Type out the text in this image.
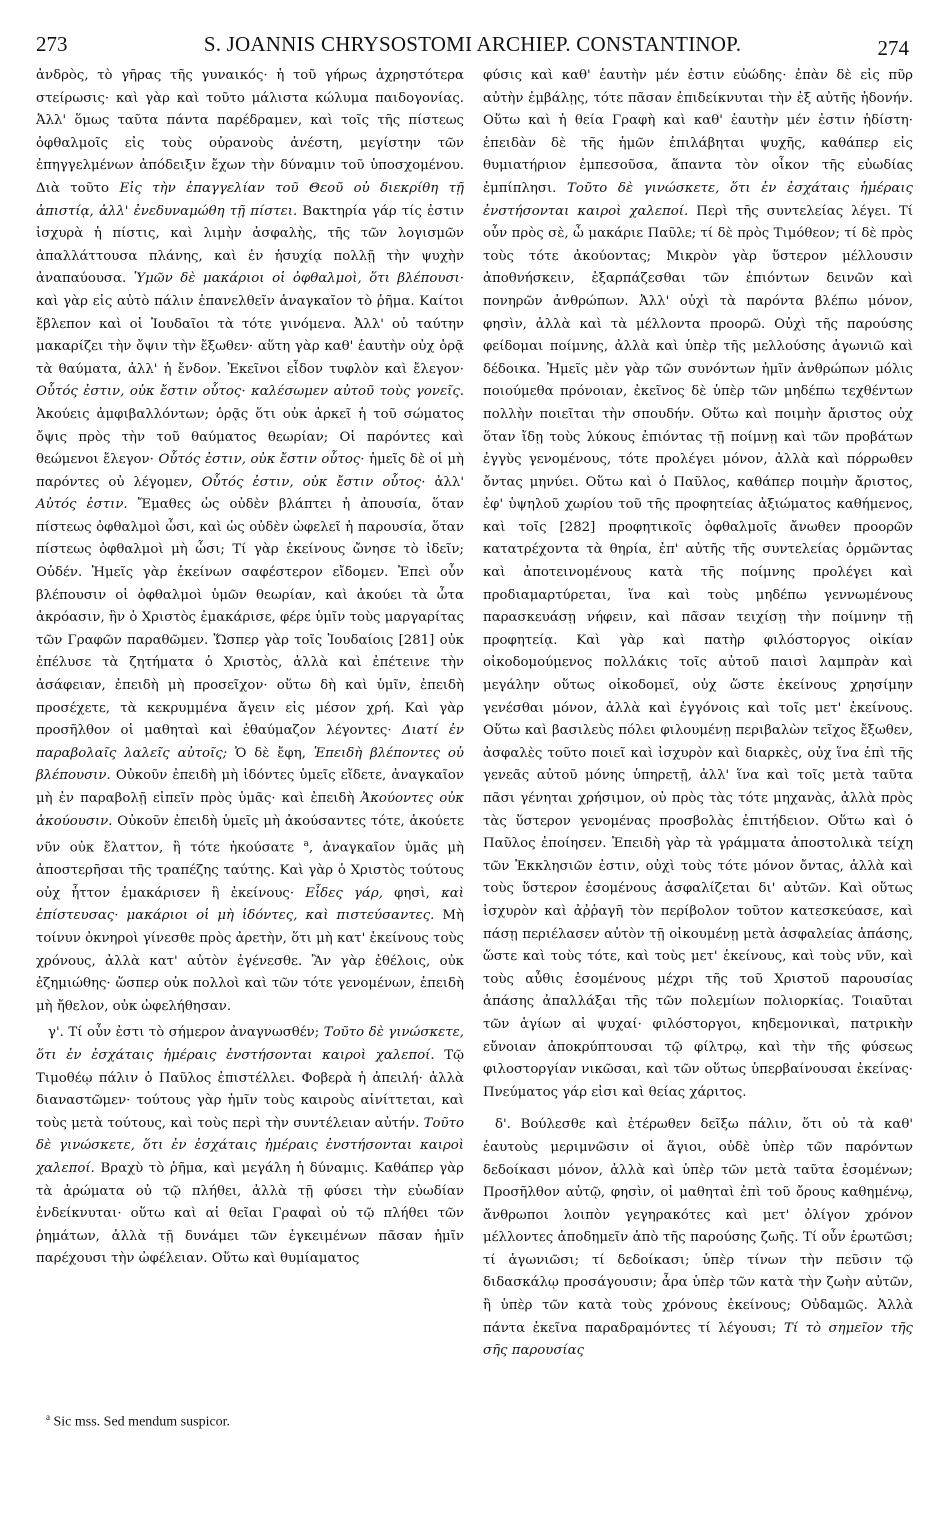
273	S. JOANNIS CHRYSOSTOMI ARCHIEP. CONSTANTINOP.	274

ἀνδρὸς, τὸ γῆρας τῆς γυναικός· ἡ τοῦ γήρως ἀχρηστότερα στείρωσις· καὶ γὰρ καὶ τοῦτο μάλιστα κώλυμα παιδογονίας. Ἀλλ' ὅμως ταῦτα πάντα παρέδραμεν, καὶ τοῖς τῆς πίστεως ὀφθαλμοῖς εἰς τοὺς οὐρανοὺς ἀνέστη, μεγίστην τῶν ἐπηγγελμένων ἀπόδειξιν ἔχων τὴν δύναμιν τοῦ ὑποσχομένου. Διὰ τοῦτο Εἰς τὴν ἐπαγγελίαν τοῦ Θεοῦ οὐ διεκρίθη τῇ ἀπιστίᾳ, ἀλλ' ἐνεδυναμώθη τῇ πίστει. Βακτηρία γάρ τίς ἐστιν ἰσχυρὰ ἡ πίστις, καὶ λιμὴν ἀσφαλὴς, τῆς τῶν λογισμῶν ἀπαλλάττουσα πλάνης, καὶ ἐν ἡσυχίᾳ πολλῇ τὴν ψυχὴν ἀναπαύουσα. Ὑμῶν δὲ μακάριοι οἱ ὀφθαλμοὶ, ὅτι βλέπουσι· καὶ γὰρ εἰς αὐτὸ πάλιν ἐπανελθεῖν ἀναγκαῖον τὸ ῥῆμα. Καίτοι ἔβλεπον καὶ οἱ Ἰουδαῖοι τὰ τότε γινόμενα. Ἀλλ' οὐ ταύτην μακαρίζει τὴν ὄψιν τὴν ἔξωθεν· αὕτη γὰρ καθ' ἑαυτὴν οὐχ ὁρᾷ τὰ θαύματα, ἀλλ' ἡ ἔνδον. Ἐκεῖνοι εἶδον τυφλὸν καὶ ἔλεγον· Οὗτός ἐστιν, οὐκ ἔστιν οὗτος· καλέσωμεν αὐτοῦ τοὺς γονεῖς. Ἀκούεις ἀμφιβαλλόντων; ὁρᾷς ὅτι οὐκ ἀρκεῖ ἡ τοῦ σώματος ὄψις πρὸς τὴν τοῦ θαύματος θεωρίαν; Οἱ παρόντες καὶ θεώμενοι ἔλεγον· Οὗτός ἐστιν, οὐκ ἔστιν οὗτος· ἡμεῖς δὲ οἱ μὴ παρόντες οὐ λέγομεν, Οὗτός ἐστιν, οὐκ ἔστιν οὗτος· ἀλλ' Αὐτός ἐστιν. Ἔμαθες ὡς οὐδὲν βλάπτει ἡ ἀπουσία, ὅταν πίστεως ὀφθαλμοὶ ὦσι, καὶ ὡς οὐδὲν ὠφελεῖ ἡ παρουσία, ὅταν πίστεως ὀφθαλμοὶ μὴ ὦσι; Τί γὰρ ἐκείνους ὤνησε τὸ ἰδεῖν; Οὐδέν. Ἡμεῖς γὰρ ἐκείνων σαφέστερον εἴδομεν. Ἐπεὶ οὖν βλέπουσιν οἱ ὀφθαλμοὶ ὑμῶν θεωρίαν, καὶ ἀκούει τὰ ὦτα ἀκρόασιν, ἣν ὁ Χριστὸς ἐμακάρισε, φέρε ὑμῖν τοὺς μαργαρίτας τῶν Γραφῶν παραθῶμεν. Ὥσπερ γὰρ τοῖς Ἰουδαίοις [281] οὐκ ἐπέλυσε τὰ ζητήματα ὁ Χριστὸς, ἀλλὰ καὶ ἐπέτεινε τὴν ἀσάφειαν, ἐπειδὴ μὴ προσεῖχον· οὕτω δὴ καὶ ὑμῖν, ἐπειδὴ προσέχετε, τὰ κεκρυμμένα ἄγειν εἰς μέσον χρή. Καὶ γὰρ προσῆλθον οἱ μαθηταὶ καὶ ἐθαύμαζον λέγοντες· Διατί ἐν παραβολαῖς λαλεῖς αὐτοῖς; Ὁ δὲ ἔφη, Ἐπειδὴ βλέποντες οὐ βλέπουσιν. Οὐκοῦν ἐπειδὴ μὴ ἰδόντες ὑμεῖς εἴδετε, ἀναγκαῖον μὴ ἐν παραβολῇ εἰπεῖν πρὸς ὑμᾶς· καὶ ἐπειδὴ Ἀκούοντες οὐκ ἀκούουσιν. Οὐκοῦν ἐπειδὴ ὑμεῖς μὴ ἀκούσαντες τότε, ἀκούετε νῦν οὐκ ἔλαττον, ἢ τότε ἠκούσατε $^a$, ἀναγκαῖον ὑμᾶς μὴ ἀποστερῆσαι τῆς τραπέζης ταύτης. Καὶ γὰρ ὁ Χριστὸς τούτους οὐχ ἧττον ἐμακάρισεν ἢ ἐκείνους· Εἶδες γάρ, φησὶ, καὶ ἐπίστευσας· μακάριοι οἱ μὴ ἰδόντες, καὶ πιστεύσαντες. Μὴ τοίνυν ὀκνηροὶ γίνεσθε πρὸς ἀρετὴν, ὅτι μὴ κατ' ἐκείνους τοὺς χρόνους, ἀλλὰ κατ' αὐτὸν ἐγένεσθε. Ἂν γὰρ ἐθέλοις, οὐκ ἐζημιώθης· ὥσπερ οὐκ πολλοὶ καὶ τῶν τότε γενομένων, ἐπειδὴ μὴ ἤθελον, οὐκ ὠφελήθησαν.

γ'. Τί οὖν ἐστι τὸ σήμερον ἀναγνωσθέν; Τοῦτο δὲ γινώσκετε, ὅτι ἐν ἐσχάταις ἡμέραις ἐνστήσονται καιροὶ χαλεποί. Τῷ Τιμοθέῳ πάλιν ὁ Παῦλος ἐπιστέλλει. Φοβερὰ ἡ ἀπειλή· ἀλλὰ διαναστῶμεν· τούτους γὰρ ἡμῖν τοὺς καιροὺς αἰνίττεται, καὶ τοὺς μετὰ τούτους, καὶ τοὺς περὶ τὴν συντέλειαν αὐτήν. Τοῦτο δὲ γινώσκετε, ὅτι ἐν ἐσχάταις ἡμέραις ἐνστήσονται καιροὶ χαλεποί. Βραχὺ τὸ ῥῆμα, καὶ μεγάλη ἡ δύναμις. Καθάπερ γὰρ τὰ ἀρώματα οὐ τῷ πλήθει, ἀλλὰ τῇ φύσει τὴν εὐωδίαν ἐνδείκνυται· οὕτω καὶ αἱ θεῖαι Γραφαὶ οὐ τῷ πλήθει τῶν ῥημάτων, ἀλλὰ τῇ δυνάμει τῶν ἐγκειμένων πᾶσαν ἡμῖν παρέχουσι τὴν ὠφέλειαν. Οὕτω καὶ θυμίαματος

φύσις καὶ καθ' ἑαυτὴν μέν ἐστιν εὐώδης· ἐπὰν δὲ εἰς πῦρ αὐτὴν ἐμβάλῃς, τότε πᾶσαν ἐπιδείκνυται τὴν ἐξ αὐτῆς ἡδονήν. Οὕτω καὶ ἡ θεία Γραφὴ καὶ καθ' ἑαυτὴν μέν ἐστιν ἡδίστη· ἐπειδὰν δὲ τῆς ἡμῶν ἐπιλάβηται ψυχῆς, καθάπερ εἰς θυμιατήριον ἐμπεσοῦσα, ἅπαντα τὸν οἶκον τῆς εὐωδίας ἐμπίπλησι. Τοῦτο δὲ γινώσκετε, ὅτι ἐν ἐσχάταις ἡμέραις ἐνστήσονται καιροὶ χαλεποί. Περὶ τῆς συντελείας λέγει. Τί οὖν πρὸς σὲ, ὦ μακάριε Παῦλε; τί δὲ πρὸς Τιμόθεον; τί δὲ πρὸς τοὺς τότε ἀκούοντας; Μικρὸν γὰρ ὕστερον μέλλουσιν ἀποθνήσκειν, ἐξαρπάζεσθαι τῶν ἐπιόντων δεινῶν καὶ πονηρῶν ἀνθρώπων. Ἀλλ' οὐχὶ τὰ παρόντα βλέπω μόνον, φησὶν, ἀλλὰ καὶ τὰ μέλλοντα προορῶ. Οὐχὶ τῆς παρούσης φείδομαι ποίμνης, ἀλλὰ καὶ ὑπὲρ τῆς μελλούσης ἀγωνιῶ καὶ δέδοικα. Ἡμεῖς μὲν γὰρ τῶν συνόντων ἡμῖν ἀνθρώπων μόλις ποιούμεθα πρόνοιαν, ἐκεῖνος δὲ ὑπὲρ τῶν μηδέπω τεχθέντων πολλὴν ποιεῖται τὴν σπουδήν. Οὕτω καὶ ποιμὴν ἄριστος οὐχ ὅταν ἴδῃ τοὺς λύκους ἐπιόντας τῇ ποίμνῃ καὶ τῶν προβάτων ἐγγὺς γενομένους, τότε προλέγει μόνον, ἀλλὰ καὶ πόρρωθεν ὄντας μηνύει. Οὕτω καὶ ὁ Παῦλος, καθάπερ ποιμὴν ἄριστος, ἐφ' ὑψηλοῦ χωρίου τοῦ τῆς προφητείας ἀξιώματος καθήμενος, καὶ τοῖς [282] προφητικοῖς ὀφθαλμοῖς ἄνωθεν προορῶν κατατρέχοντα τὰ θηρία, ἐπ' αὐτῆς τῆς συντελείας ὁρμῶντας καὶ ἀποτεινομένους κατὰ τῆς ποίμνης προλέγει καὶ προδιαμαρτύρεται, ἵνα καὶ τοὺς μηδέπω γεννωμένους παρασκευάσῃ νήφειν, καὶ πᾶσαν τειχίσῃ τὴν ποίμνην τῇ προφητείᾳ. Καὶ γὰρ καὶ πατὴρ φιλόστοργος οἰκίαν οἰκοδομούμενος πολλάκις τοῖς αὐτοῦ παισὶ λαμπρὰν καὶ μεγάλην οὕτως οἰκοδομεῖ, οὐχ ὥστε ἐκείνους χρησίμην γενέσθαι μόνον, ἀλλὰ καὶ ἐγγόνοις καὶ τοῖς μετ' ἐκείνους. Οὕτω καὶ βασιλεὺς πόλει φιλουμένῃ περιβαλὼν τεῖχος ἔξωθεν, ἀσφαλὲς τοῦτο ποιεῖ καὶ ἰσχυρὸν καὶ διαρκὲς, οὐχ ἵνα ἐπὶ τῆς γενεᾶς αὐτοῦ μόνης ὑπηρετῇ, ἀλλ' ἵνα καὶ τοῖς μετὰ ταῦτα πᾶσι γένηται χρήσιμον, οὐ πρὸς τὰς τότε μηχανὰς, ἀλλὰ πρὸς τὰς ὕστερον γενομένας προσβολὰς ἐπιτήδειον. Οὕτω καὶ ὁ Παῦλος ἐποίησεν. Ἐπειδὴ γὰρ τὰ γράμματα ἀποστολικὰ τείχη τῶν Ἐκκλησιῶν ἐστιν, οὐχὶ τοὺς τότε μόνον ὄντας, ἀλλὰ καὶ τοὺς ὕστερον ἐσομένους ἀσφαλίζεται δι' αὐτῶν. Καὶ οὕτως ἰσχυρὸν καὶ ἀῤῥαγῆ τὸν περίβολον τοῦτον κατεσκεύασε, καὶ πάσῃ περιέλασεν αὐτὸν τῇ οἰκουμένῃ μετὰ ἀσφαλείας ἁπάσης, ὥστε καὶ τοὺς τότε, καὶ τοὺς μετ' ἐκείνους, καὶ τοὺς νῦν, καὶ τοὺς αὖθις ἐσομένους μέχρι τῆς τοῦ Χριστοῦ παρουσίας ἁπάσης ἀπαλλάξαι τῆς τῶν πολεμίων πολιορκίας. Τοιαῦται τῶν ἁγίων αἱ ψυχαί· φιλόστοργοι, κηδεμονικαὶ, πατρικὴν εὔνοιαν ἀποκρύπτουσαι τῷ φίλτρῳ, καὶ τὴν τῆς φύσεως φιλοστοργίαν νικῶσαι, καὶ τῶν οὕτως ὑπερβαίνουσαι ἐκείνας· Πνεύματος γάρ εἰσι καὶ θείας χάριτος.

δ'. Βούλεσθε καὶ ἑτέρωθεν δεῖξω πάλιν, ὅτι οὐ τὰ καθ' ἑαυτοὺς μεριμνῶσιν οἱ ἅγιοι, οὐδὲ ὑπὲρ τῶν παρόντων δεδοίκασι μόνον, ἀλλὰ καὶ ὑπὲρ τῶν μετὰ ταῦτα ἐσομένων; Προσῆλθον αὐτῷ, φησὶν, οἱ μαθηταὶ ἐπὶ τοῦ ὄρους καθημένῳ, ἄνθρωποι λοιπὸν γεγηρακότες καὶ μετ' ὀλίγον χρόνον μέλλοντες ἀποδημεῖν ἀπὸ τῆς παρούσης ζωῆς. Τί οὖν ἐρωτῶσι; τί ἀγωνιῶσι; τί δεδοίκασι; ὑπὲρ τίνων τὴν πεῦσιν τῷ διδασκάλῳ προσάγουσιν; ἆρα ὑπὲρ τῶν κατὰ τὴν ζωὴν αὐτῶν, ἢ ὑπὲρ τῶν κατὰ τοὺς χρόνους ἐκείνους; Οὐδαμῶς. Ἀλλὰ πάντα ἐκεῖνα παραδραμόντες τί λέγουσι; Τί τὸ σημεῖον τῆς σῆς παρουσίας

$^a$ Sic mss. Sed mendum suspicor.
